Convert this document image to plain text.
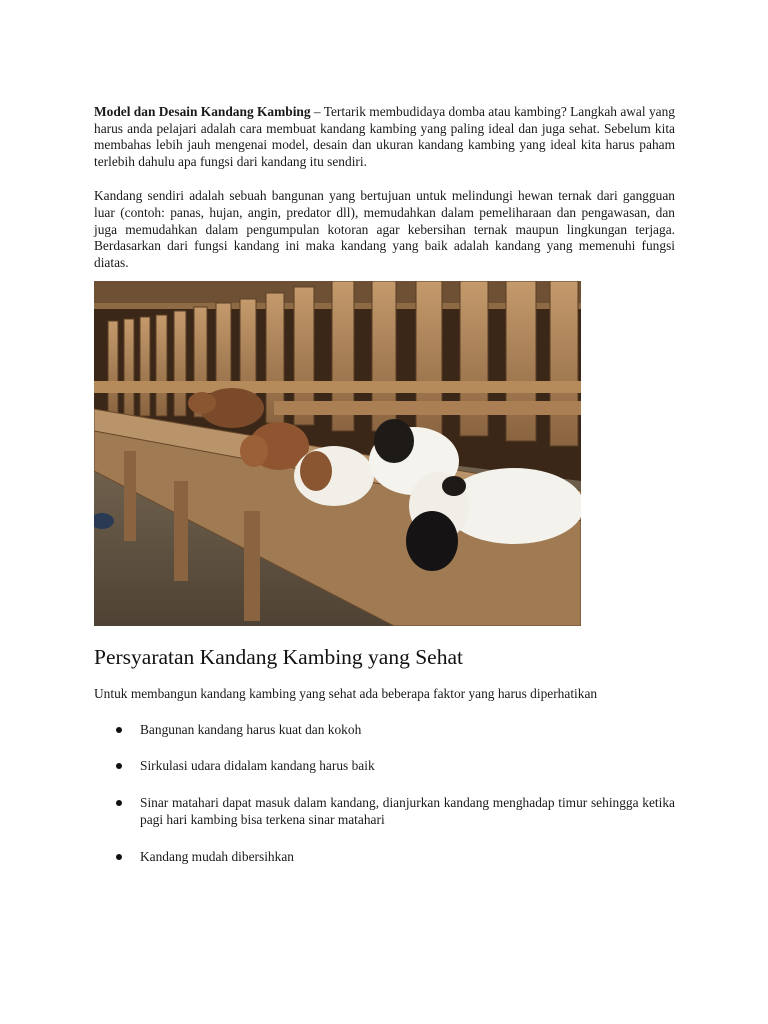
Model dan Desain Kandang Kambing – Tertarik membudidaya domba atau kambing? Langkah awal yang harus anda pelajari adalah cara membuat kandang kambing yang paling ideal dan juga sehat. Sebelum kita membahas lebih jauh mengenai model, desain dan ukuran kandang kambing yang ideal kita harus paham terlebih dahulu apa fungsi dari kandang itu sendiri.

Kandang sendiri adalah sebuah bangunan yang bertujuan untuk melindungi hewan ternak dari gangguan luar (contoh: panas, hujan, angin, predator dll), memudahkan dalam pemeliharaan dan pengawasan, dan juga memudahkan dalam pengumpulan kotoran agar kebersihan ternak maupun lingkungan terjaga. Berdasarkan dari fungsi kandang ini maka kandang yang baik adalah kandang yang memenuhi fungsi diatas.

Persyaratan Kandang Kambing yang Sehat

Untuk membangun kandang kambing yang sehat ada beberapa faktor yang harus diperhatikan

Bangunan kandang harus kuat dan kokoh
Sirkulasi udara didalam kandang harus baik
Sinar matahari dapat masuk dalam kandang, dianjurkan kandang menghadap timur sehingga ketika pagi hari kambing bisa terkena sinar matahari
Kandang mudah dibersihkan
